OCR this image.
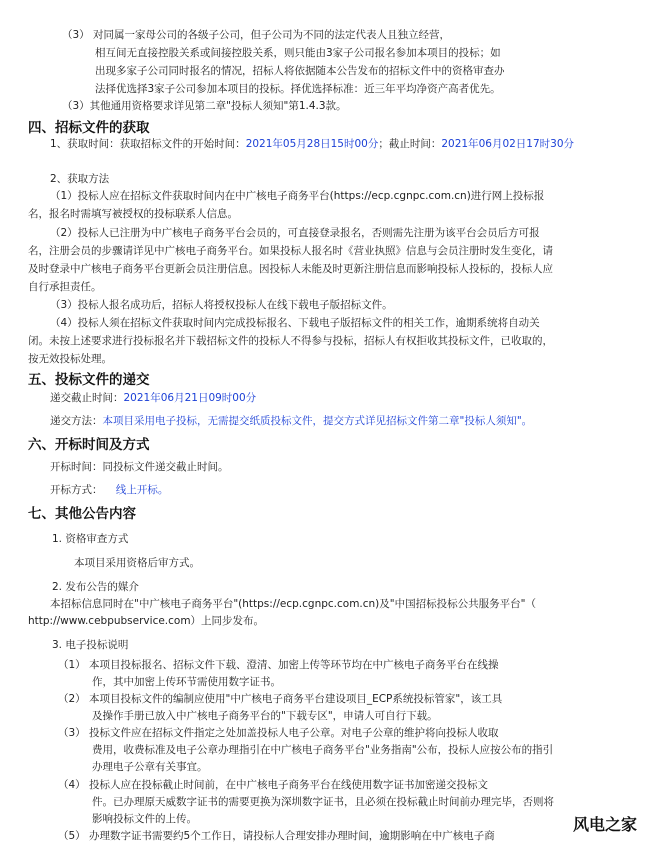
（3） 对同属一家母公司的各级子公司，但子公司为不同的法定代表人且独立经营，
相互间无直接控股关系或间接控股关系，则只能由3家子公司报名参加本项目的投标；如
出现多家子公司同时报名的情况，招标人将依据随本公告发布的招标文件中的资格审查办
法择优选择3家子公司参加本项目的投标。择优选择标准：近三年平均净资产高者优先。
（3）其他通用资格要求详见第二章"投标人须知"第1.4.3款。
四、招标文件的获取
1、获取时间：获取招标文件的开始时间：2021年05月28日15时00分；截止时间：2021年06月02日17时30分
2、获取方法
（1）投标人应在招标文件获取时间内在中广核电子商务平台(https://ecp.cgnpc.com.cn)进行网上投标报
名，报名时需填写被授权的投标联系人信息。
（2）投标人已注册为中广核电子商务平台会员的，可直接登录报名，否则需先注册为该平台会员后方可报
名，注册会员的步骤请详见中广核电子商务平台。如果投标人报名时《营业执照》信息与会员注册时发生变化，请
及时登录中广核电子商务平台更新会员注册信息。因投标人未能及时更新注册信息而影响投标人投标的，投标人应
自行承担责任。
（3）投标人报名成功后，招标人将授权投标人在线下载电子版招标文件。
（4）投标人须在招标文件获取时间内完成投标报名、下载电子版招标文件的相关工作，逾期系统将自动关
闭。未按上述要求进行投标报名并下载招标文件的投标人不得参与投标，招标人有权拒收其投标文件，已收取的，
按无效投标处理。
五、投标文件的递交
递交截止时间：2021年06月21日09时00分
递交方法：本项目采用电子投标，无需提交纸质投标文件，提交方式详见招标文件第二章"投标人须知"。
六、开标时间及方式
开标时间：同投标文件递交截止时间。
开标方式： 线上开标。
七、其他公告内容
1. 资格审查方式
本项目采用资格后审方式。
2. 发布公告的媒介
本招标信息同时在"中广核电子商务平台"(https://ecp.cgnpc.com.cn)及"中国招标投标公共服务平台"（
http://www.cebpubservice.com）上同步发布。
3. 电子投标说明
（1） 本项目投标报名、招标文件下载、澄清、加密上传等环节均在中广核电子商务平台在线操
作，其中加密上传环节需使用数字证书。
（2） 本项目投标文件的编制应使用"中广核电子商务平台建设项目_ECP系统投标管家"，该工具
及操作手册已放入中广核电子商务平台的"下载专区"，申请人可自行下载。
（3） 投标文件应在招标文件指定之处加盖投标人电子公章。对电子公章的维护将向投标人收取
费用，收费标准及电子公章办理指引在中广核电子商务平台"业务指南"公布，投标人应按公布的指引
办理电子公章有关事宜。
（4） 投标人应在投标截止时间前，在中广核电子商务平台在线使用数字证书加密递交投标文
件。已办理原天威数字证书的需要更换为深圳数字证书，且必须在投标截止时间前办理完毕，否则将
影响投标文件的上传。
（5） 办理数字证书需要约5个工作日，请投标人合理安排办理时间，逾期影响在中广核电子商
风电之家
